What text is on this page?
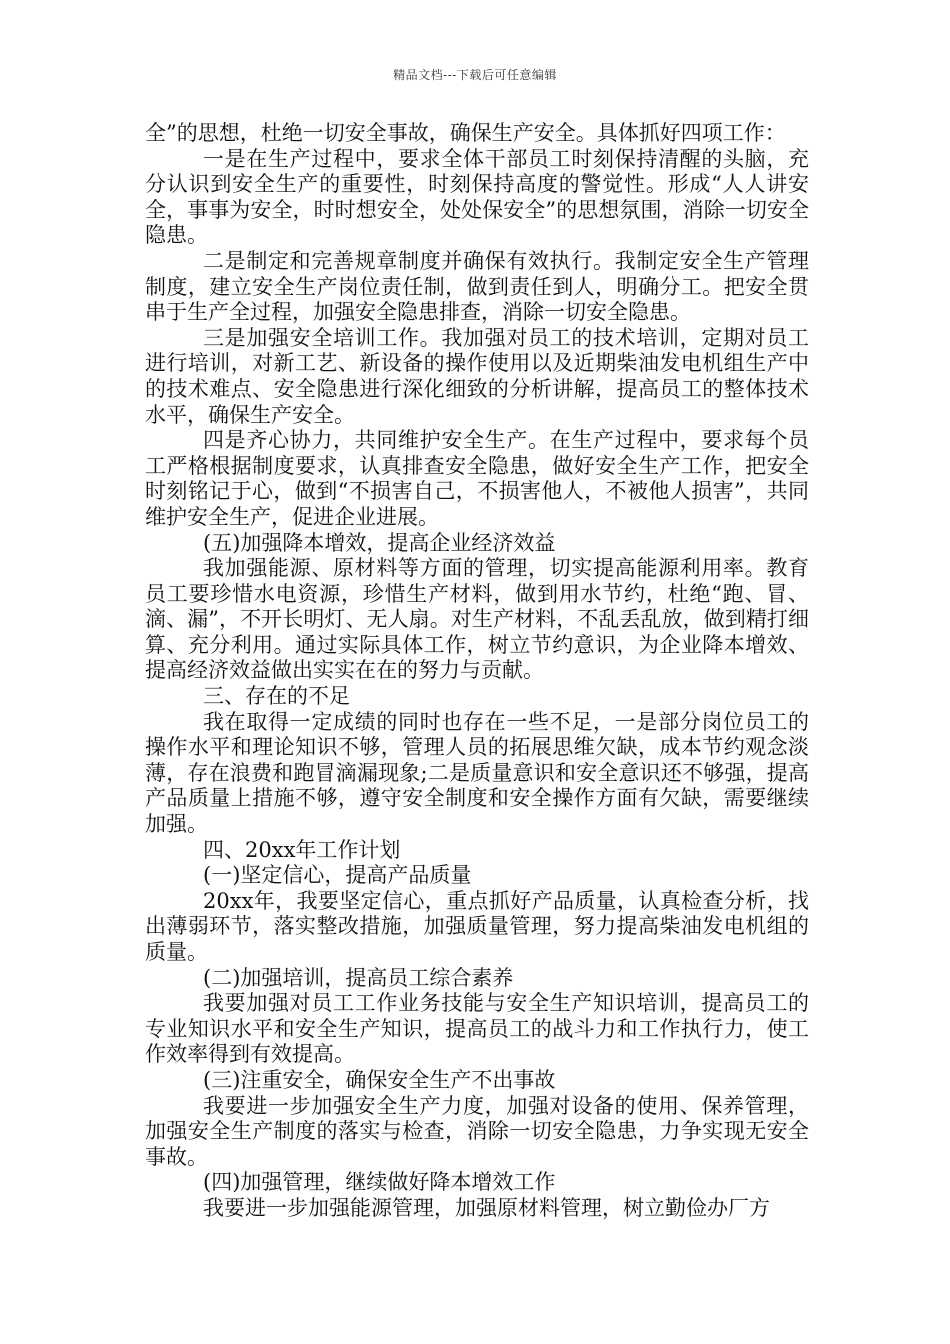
精品文档---下载后可任意编辑

全”的思想，杜绝一切安全事故，确保生产安全。具体抓好四项工作：

一是在生产过程中，要求全体干部员工时刻保持清醒的头脑，充分认识到安全生产的重要性，时刻保持高度的警觉性。形成“人人讲安全，事事为安全，时时想安全，处处保安全”的思想氛围，消除一切安全隐患。

二是制定和完善规章制度并确保有效执行。我制定安全生产管理制度，建立安全生产岗位责任制，做到责任到人，明确分工。把安全贯串于生产全过程，加强安全隐患排查，消除一切安全隐患。

三是加强安全培训工作。我加强对员工的技术培训，定期对员工进行培训，对新工艺、新设备的操作使用以及近期柴油发电机组生产中的技术难点、安全隐患进行深化细致的分析讲解，提高员工的整体技术水平，确保生产安全。

四是齐心协力，共同维护安全生产。在生产过程中，要求每个员工严格根据制度要求，认真排查安全隐患，做好安全生产工作，把安全时刻铭记于心，做到“不损害自己，不损害他人，不被他人损害”，共同维护安全生产，促进企业进展。

(五)加强降本增效，提高企业经济效益

我加强能源、原材料等方面的管理，切实提高能源利用率。教育员工要珍惜水电资源，珍惜生产材料，做到用水节约，杜绝“跑、冒、滴、漏”，不开长明灯、无人扇。对生产材料，不乱丢乱放，做到精打细算、充分利用。通过实际具体工作，树立节约意识，为企业降本增效、提高经济效益做出实实在在的努力与贡献。

三、存在的不足

我在取得一定成绩的同时也存在一些不足，一是部分岗位员工的操作水平和理论知识不够，管理人员的拓展思维欠缺，成本节约观念淡薄，存在浪费和跑冒滴漏现象;二是质量意识和安全意识还不够强，提高产品质量上措施不够，遵守安全制度和安全操作方面有欠缺，需要继续加强。

四、20xx年工作计划

(一)坚定信心，提高产品质量

20xx年，我要坚定信心，重点抓好产品质量，认真检查分析，找出薄弱环节，落实整改措施，加强质量管理，努力提高柴油发电机组的质量。

(二)加强培训，提高员工综合素养

我要加强对员工工作业务技能与安全生产知识培训，提高员工的专业知识水平和安全生产知识，提高员工的战斗力和工作执行力，使工作效率得到有效提高。

(三)注重安全，确保安全生产不出事故

我要进一步加强安全生产力度，加强对设备的使用、保养管理，加强安全生产制度的落实与检查，消除一切安全隐患，力争实现无安全事故。

(四)加强管理，继续做好降本增效工作

我要进一步加强能源管理，加强原材料管理，树立勤俭办厂方
